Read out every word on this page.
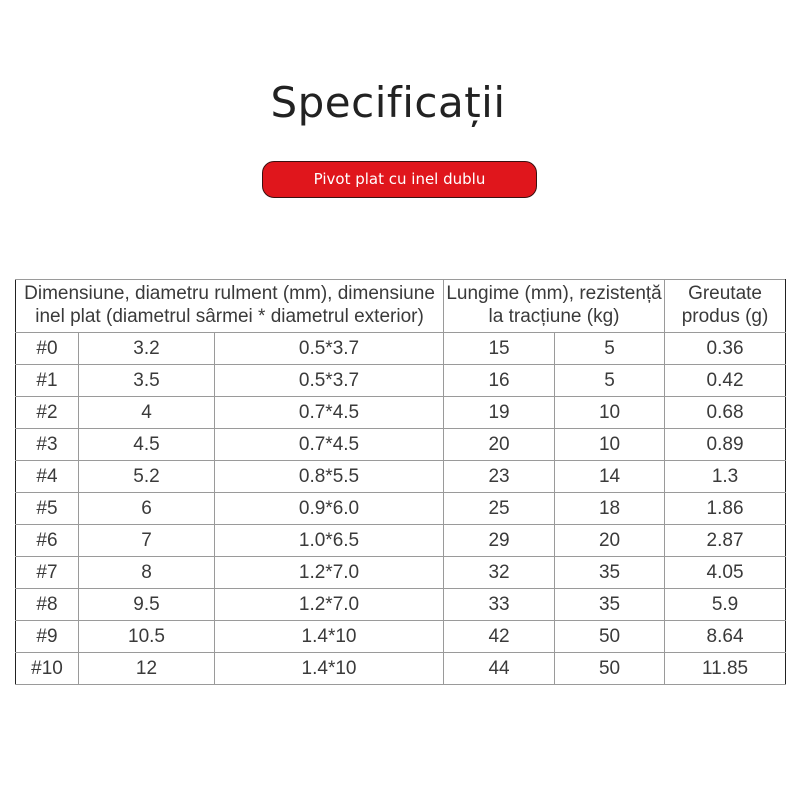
Specificații
Pivot plat cu inel dublu
Dimensiune, diametru rulment (mm), dimensiune inel plat (diametrul sârmei * diametrul exterior)			Lungime (mm), rezistență la tracțiune (kg)		Greutate produs (g)
#0	3.2	0.5*3.7	15	5	0.36
#1	3.5	0.5*3.7	16	5	0.42
#2	4	0.7*4.5	19	10	0.68
#3	4.5	0.7*4.5	20	10	0.89
#4	5.2	0.8*5.5	23	14	1.3
#5	6	0.9*6.0	25	18	1.86
#6	7	1.0*6.5	29	20	2.87
#7	8	1.2*7.0	32	35	4.05
#8	9.5	1.2*7.0	33	35	5.9
#9	10.5	1.4*10	42	50	8.64
#10	12	1.4*10	44	50	11.85
